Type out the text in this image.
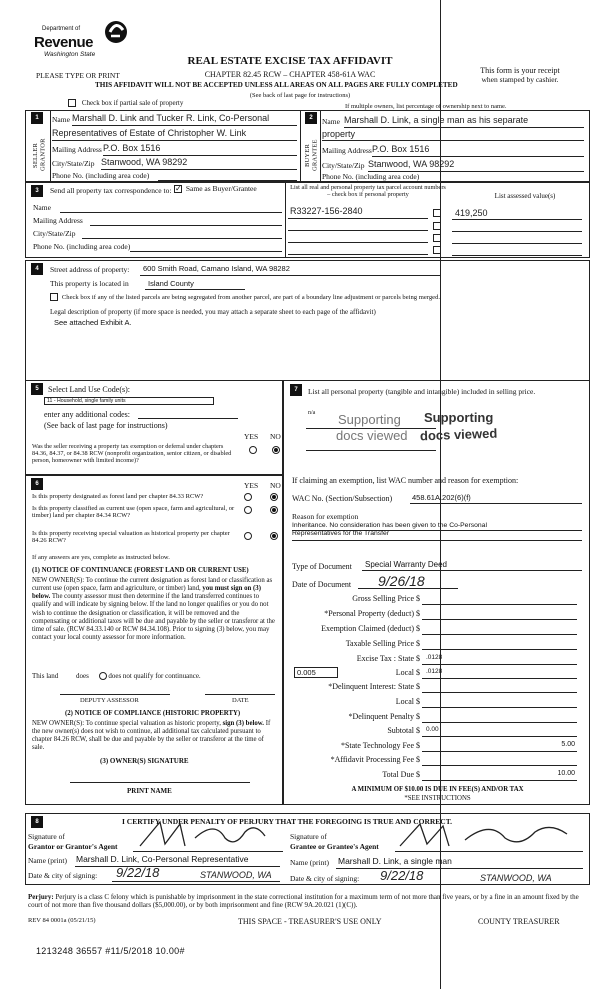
Department of
Revenue
Washington State
PLEASE TYPE OR PRINT
REAL ESTATE EXCISE TAX AFFIDAVIT
CHAPTER 82.45 RCW – CHAPTER 458-61A WAC
THIS AFFIDAVIT WILL NOT BE ACCEPTED UNLESS ALL AREAS ON ALL PAGES ARE FULLY COMPLETED
(See back of last page for instructions)
This form is your receipt
when stamped by cashier.
Check box if partial sale of property	If multiple owners, list percentage of ownership next to name.
1
SELLER GRANTOR
Name Marshall D. Link and Tucker R. Link, Co-Personal
Representatives of Estate of Christopher W. Link
Mailing Address P.O. Box 1516
City/State/Zip Stanwood, WA 98292
Phone No. (including area code)
2
BUYER GRANTEE
Name Marshall D. Link, a single man as his separate
property
Mailing Address P.O. Box 1516
City/State/Zip Stanwood, WA 98292
Phone No. (including area code)
3	Send all property tax correspondence to: ✓ Same as Buyer/Grantee
Name
Mailing Address
City/State/Zip
Phone No. (including area code)
List all real and personal property tax parcel account numbers – check box if personal property	List assessed value(s)
R33227-156-2840	419,250
4	Street address of property: 600 Smith Road, Camano Island, WA 98282
This property is located in	Island County
Check box if any of the listed parcels are being segregated from another parcel, are part of a boundary line adjustment or parcels being merged.
Legal description of property (if more space is needed, you may attach a separate sheet to each page of the affidavit)
See attached Exhibit A.
5	Select Land Use Code(s):
11 - Household, single family units
enter any additional codes:
(See back of last page for instructions)
YES NO
Was the seller receiving a property tax exemption or deferral under chapters 84.36, 84.37, or 84.38 RCW (nonprofit organization, senior citizen, or disabled person, homeowner with limited income)?
6	YES NO
Is this property designated as forest land per chapter 84.33 RCW?
Is this property classified as current use (open space, farm and agricultural, or timber) land per chapter 84.34 RCW?
Is this property receiving special valuation as historical property per chapter 84.26 RCW?
If any answers are yes, complete as instructed below.
(1) NOTICE OF CONTINUANCE (FOREST LAND OR CURRENT USE)
NEW OWNER(S): To continue the current designation as forest land or classification as current use (open space, farm and agriculture, or timber) land, you must sign on (3) below. The county assessor must then determine if the land transferred continues to qualify and will indicate by signing below. If the land no longer qualifies or you do not wish to continue the designation or classification, it will be removed and the compensating or additional taxes will be due and payable by the seller or transferor at the time of sale. (RCW 84.33.140 or RCW 84.34.108). Prior to signing (3) below, you may contact your local county assessor for more information.
This land	does	does not qualify for continuance.
DEPUTY ASSESSOR	DATE
(2) NOTICE OF COMPLIANCE (HISTORIC PROPERTY)
NEW OWNER(S): To continue special valuation as historic property, sign (3) below. If the new owner(s) does not wish to continue, all additional tax calculated pursuant to chapter 84.26 RCW, shall be due and payable by the seller or transferor at the time of sale.
(3) OWNER(S) SIGNATURE
PRINT NAME
7	List all personal property (tangible and intangible) included in selling price.
n/a Supporting
docs viewed
Supporting
docs viewed
If claiming an exemption, list WAC number and reason for exemption:
WAC No. (Section/Subsection)	458.61A.202(6)(f)
Reason for exemption
Inheritance. No consideration has been given to the Co-Personal
Representatives for the Transfer
Type of Document Special Warranty Deed
Date of Document 9/26/18
Gross Selling Price $
*Personal Property (deduct) $
Exemption Claimed (deduct) $
Taxable Selling Price $
Excise Tax : State $ .0128
0.005	Local $ .0128
*Delinquent Interest: State $
Local $
*Delinquent Penalty $
Subtotal $ 0.00
*State Technology Fee $	5.00
*Affidavit Processing Fee $
Total Due $	10.00
A MINIMUM OF $10.00 IS DUE IN FEE(S) AND/OR TAX
*SEE INSTRUCTIONS
8	I CERTIFY UNDER PENALTY OF PERJURY THAT THE FOREGOING IS TRUE AND CORRECT.
Signature of
Grantor or Grantor's Agent
Name (print) Marshall D. Link, Co-Personal Representative
Date & city of signing: 9/22/18	STANWOOD, WA
Signature of
Grantee or Grantee's Agent
Name (print) Marshall D. Link, a single man
Date & city of signing: 9/22/18	STANWOOD, WA
Perjury: Perjury is a class C felony which is punishable by imprisonment in the state correctional institution for a maximum term of not more than five years, or by a fine in an amount fixed by the court of not more than five thousand dollars ($5,000.00), or by both imprisonment and fine (RCW 9A.20.021 (1)(C)).
REV 84 0001a (05/21/15)	THIS SPACE - TREASURER'S USE ONLY	COUNTY TREASURER
1213248 36557 #11/5/2018 10.00#
